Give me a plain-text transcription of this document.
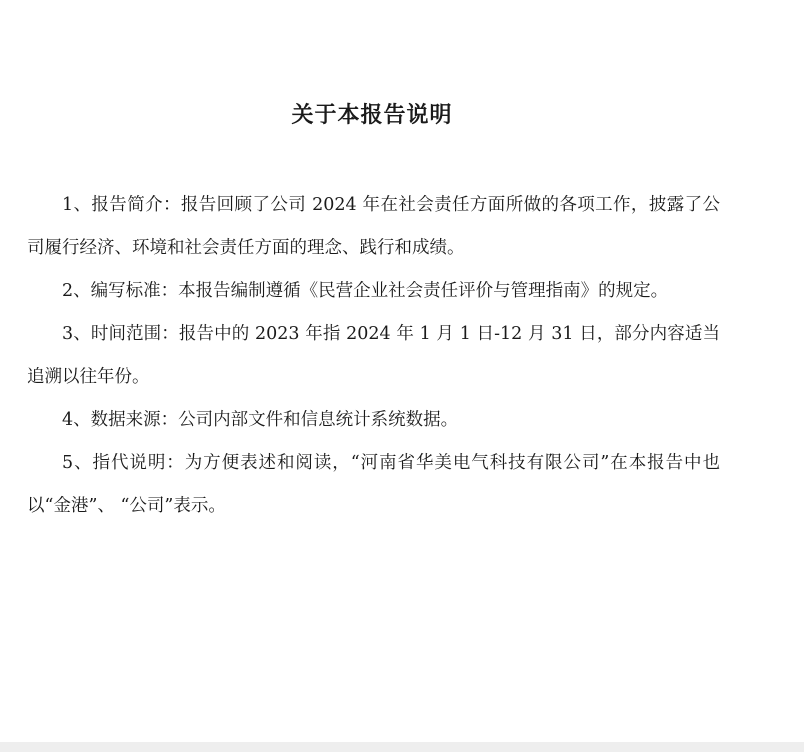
关于本报告说明

1、报告简介：报告回顾了公司 2024 年在社会责任方面所做的各项工作，披露了公司履行经济、环境和社会责任方面的理念、践行和成绩。

2、编写标准：本报告编制遵循《民营企业社会责任评价与管理指南》的规定。

3、时间范围：报告中的 2023 年指 2024 年 1 月 1 日-12 月 31 日，部分内容适当追溯以往年份。

4、数据来源：公司内部文件和信息统计系统数据。

5、指代说明：为方便表述和阅读，“河南省华美电气科技有限公司”在本报告中也以“金港”、 “公司”表示。
